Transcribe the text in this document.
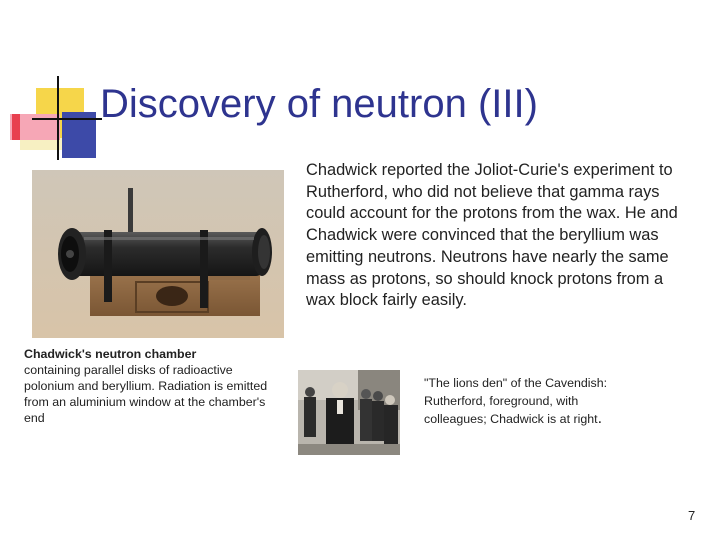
Discovery of neutron (III)
Chadwick reported the Joliot-Curie's experiment to Rutherford, who did not believe that gamma rays could account for the protons from the wax. He and Chadwick were convinced that the beryllium was emitting neutrons. Neutrons have nearly the same mass as protons, so should knock protons from a wax block fairly easily.
Chadwick's neutron chamber
containing parallel disks of radioactive polonium and beryllium. Radiation is emitted from an aluminium window at the chamber's end
"The lions den" of the Cavendish: Rutherford, foreground, with colleagues; Chadwick is at right.
7
